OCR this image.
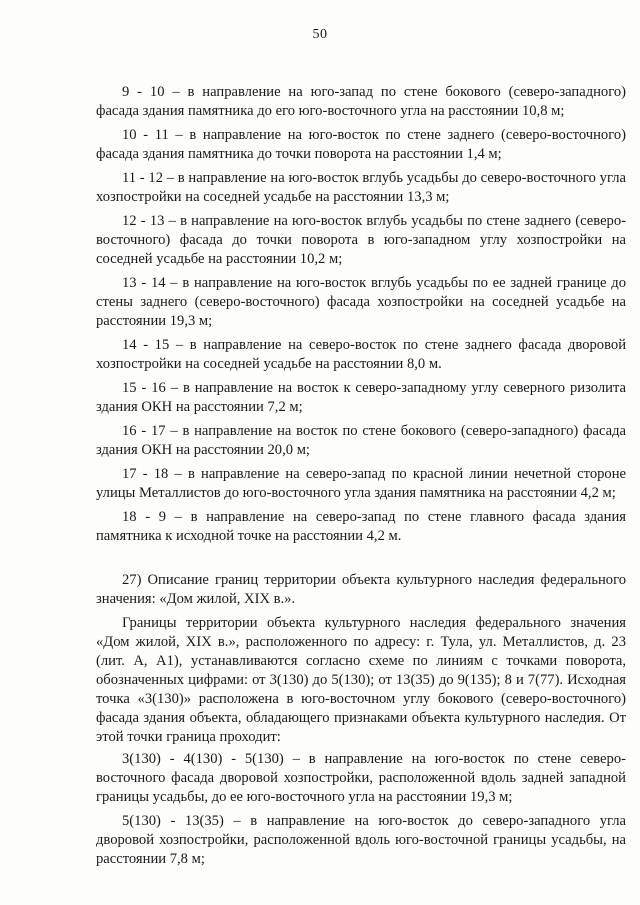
50

9 - 10 – в направление на юго-запад по стене бокового (северо-западного) фасада здания памятника до его юго-восточного угла на расстоянии 10,8 м;

10 - 11 – в направление на юго-восток по стене заднего (северо-восточного) фасада здания памятника до точки поворота на расстоянии 1,4 м;

11 - 12 – в направление на юго-восток вглубь усадьбы до северо-восточного угла хозпостройки на соседней усадьбе на расстоянии 13,3 м;

12 - 13 – в направление на юго-восток вглубь усадьбы по стене заднего (северо-восточного) фасада до точки поворота в юго-западном углу хозпостройки на соседней усадьбе на расстоянии 10,2 м;

13 - 14 – в направление на юго-восток вглубь усадьбы по ее задней границе до стены заднего (северо-восточного) фасада хозпостройки на соседней усадьбе на расстоянии 19,3 м;

14 - 15 – в направление на северо-восток по стене заднего фасада дворовой хозпостройки на соседней усадьбе на расстоянии 8,0 м.

15 - 16 – в направление на восток к северо-западному углу северного ризолита здания ОКН на расстоянии 7,2 м;

16 - 17 – в направление на восток по стене бокового (северо-западного) фасада здания ОКН на расстоянии 20,0 м;

17 - 18 – в направление на северо-запад по красной линии нечетной стороне улицы Металлистов до юго-восточного угла здания памятника на расстоянии 4,2 м;

18 - 9 – в направление на северо-запад по стене главного фасада здания памятника к исходной точке на расстоянии 4,2 м.

27) Описание границ территории объекта культурного наследия федерального значения: «Дом жилой, XIX в.».

Границы территории объекта культурного наследия федерального значения «Дом жилой, XIX в.», расположенного по адресу: г. Тула, ул. Металлистов, д. 23 (лит. А, А1), устанавливаются согласно схеме по линиям с точками поворота, обозначенных цифрами: от 3(130) до 5(130); от 13(35) до 9(135); 8 и 7(77). Исходная точка «3(130)» расположена в юго-восточном углу бокового (северо-восточного) фасада здания объекта, обладающего признаками объекта культурного наследия. От этой точки граница проходит:

3(130) - 4(130) - 5(130) – в направление на юго-восток по стене северо-восточного фасада дворовой хозпостройки, расположенной вдоль задней западной границы усадьбы, до ее юго-восточного угла на расстоянии 19,3 м;

5(130) - 13(35) – в направление на юго-восток до северо-западного угла дворовой хозпостройки, расположенной вдоль юго-восточной границы усадьбы, на расстоянии 7,8 м;
